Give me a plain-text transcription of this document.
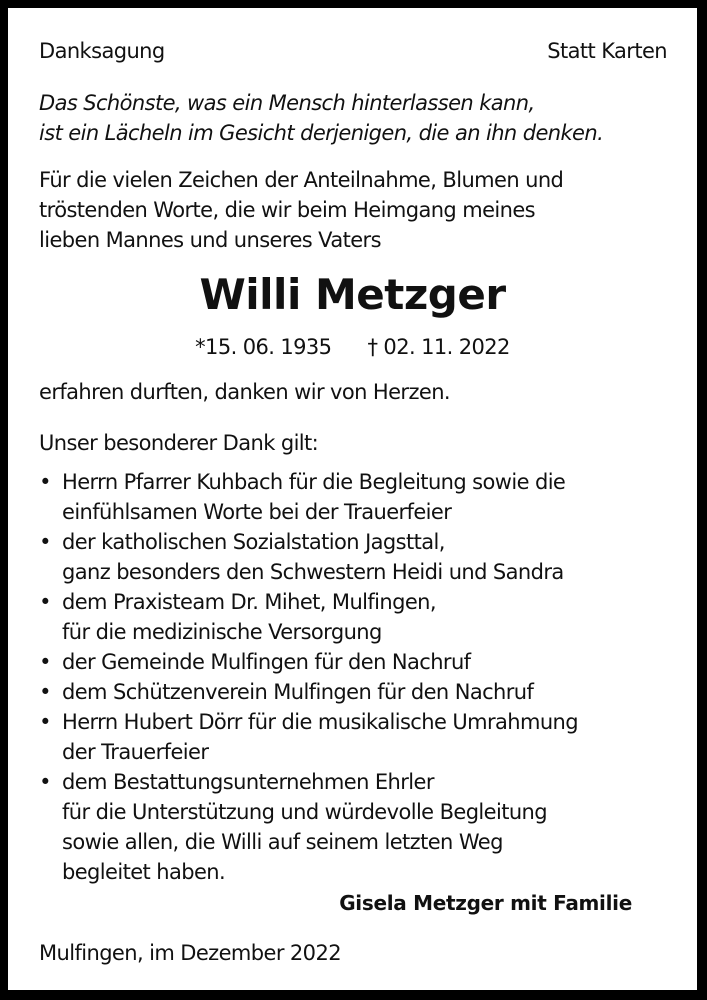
Danksagung	Statt Karten
Das Schönste, was ein Mensch hinterlassen kann,
ist ein Lächeln im Gesicht derjenigen, die an ihn denken.
Für die vielen Zeichen der Anteilnahme, Blumen und
tröstenden Worte, die wir beim Heimgang meines
lieben Mannes und unseres Vaters
Willi Metzger
*15. 06. 1935 † 02. 11. 2022
erfahren durften, danken wir von Herzen.
Unser besonderer Dank gilt:
• Herrn Pfarrer Kuhbach für die Begleitung sowie die
einfühlsamen Worte bei der Trauerfeier
• der katholischen Sozialstation Jagsttal,
ganz besonders den Schwestern Heidi und Sandra
• dem Praxisteam Dr. Mihet, Mulfingen,
für die medizinische Versorgung
• der Gemeinde Mulfingen für den Nachruf
• dem Schützenverein Mulfingen für den Nachruf
• Herrn Hubert Dörr für die musikalische Umrahmung
der Trauerfeier
• dem Bestattungsunternehmen Ehrler
für die Unterstützung und würdevolle Begleitung
sowie allen, die Willi auf seinem letzten Weg
begleitet haben.
Gisela Metzger mit Familie
Mulfingen, im Dezember 2022
